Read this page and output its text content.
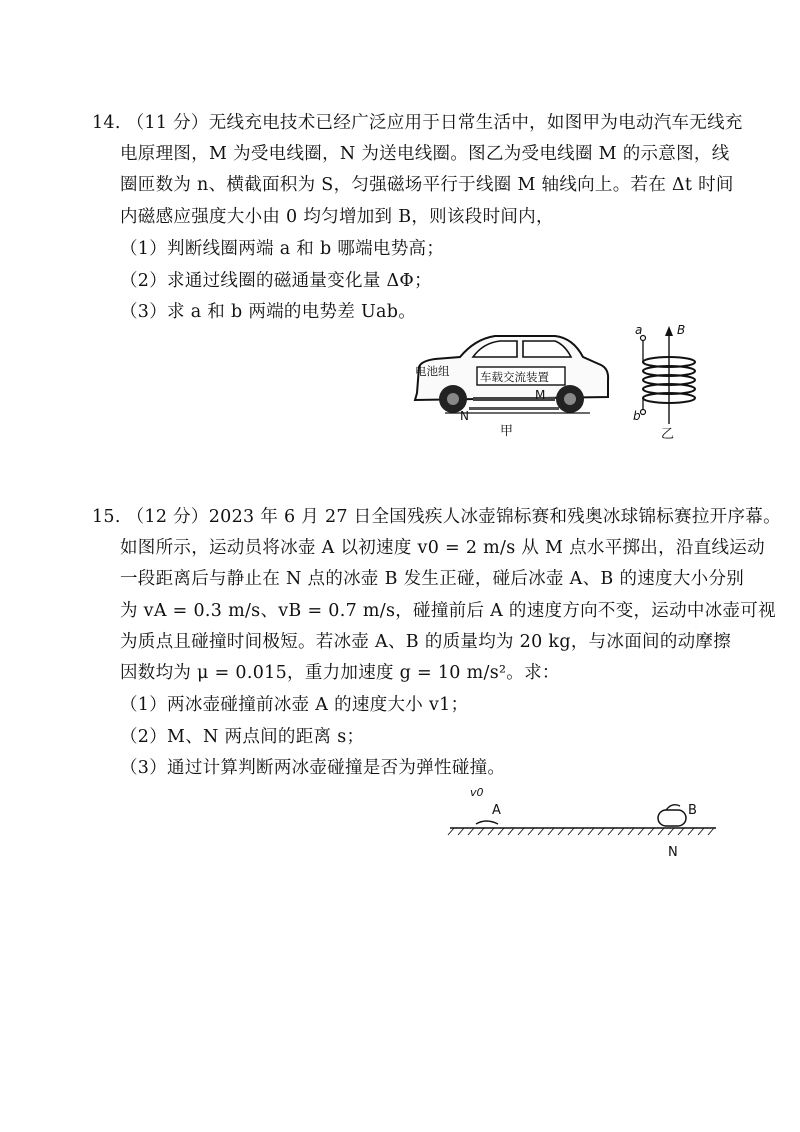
14. （11 分）无线充电技术已经广泛应用于日常生活中，如图甲为电动汽车无线充
电原理图，M 为受电线圈，N 为送电线圈。图乙为受电线圈 M 的示意图，线
圈匝数为 n、横截面积为 S，匀强磁场平行于线圈 M 轴线向上。若在 Δt 时间
内磁感应强度大小由 0 均匀增加到 B，则该段时间内，
（1）判断线圈两端 a 和 b 哪端电势高；
（2）求通过线圈的磁通量变化量 ΔΦ；
（3）求 a 和 b 两端的电势差 Uab。
电池组	车载交流装置
M
N
甲
B
a
b
乙
15. （12 分）2023 年 6 月 27 日全国残疾人冰壶锦标赛和残奥冰球锦标赛拉开序幕。
如图所示，运动员将冰壶 A 以初速度 v0 = 2 m/s 从 M 点水平掷出，沿直线运动
一段距离后与静止在 N 点的冰壶 B 发生正碰，碰后冰壶 A、B 的速度大小分别
为 vA = 0.3 m/s、vB = 0.7 m/s，碰撞前后 A 的速度方向不变，运动中冰壶可视
为质点且碰撞时间极短。若冰壶 A、B 的质量均为 20 kg，与冰面间的动摩擦
因数均为 μ = 0.015，重力加速度 g = 10 m/s²。求：
（1）两冰壶碰撞前冰壶 A 的速度大小 v1；
（2）M、N 两点间的距离 s；
（3）通过计算判断两冰壶碰撞是否为弹性碰撞。
v0
A	B
N
